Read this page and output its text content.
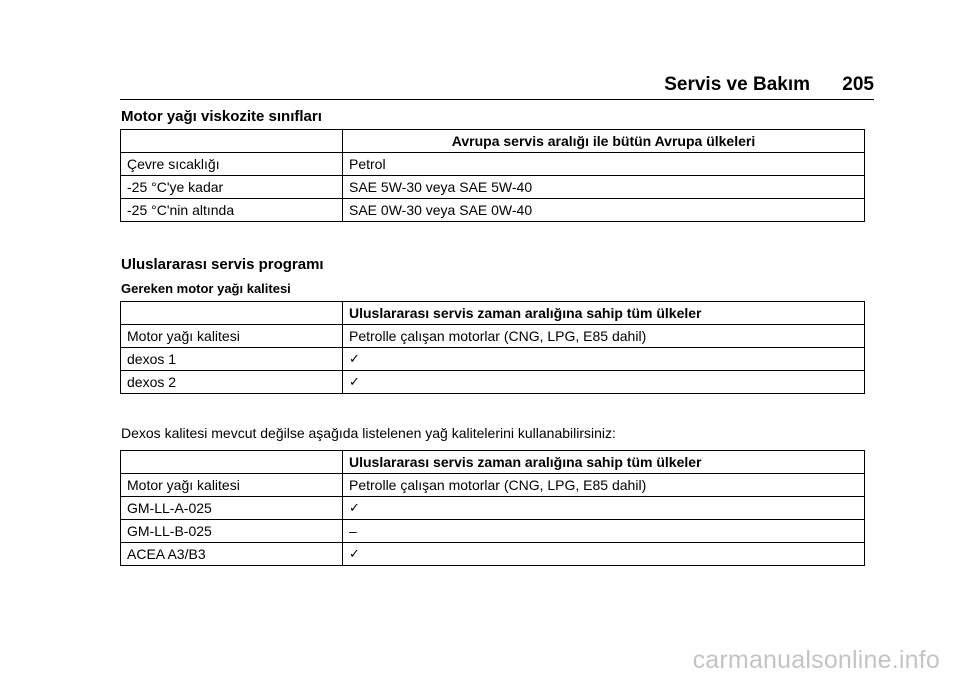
Servis ve Bakım 205
Motor yağı viskozite sınıfları
	Avrupa servis aralığı ile bütün Avrupa ülkeleri
Çevre sıcaklığı	Petrol
-25 °C'ye kadar	SAE 5W-30 veya SAE 5W-40
-25 °C'nin altında	SAE 0W-30 veya SAE 0W-40
Uluslararası servis programı
Gereken motor yağı kalitesi
	Uluslararası servis zaman aralığına sahip tüm ülkeler
Motor yağı kalitesi	Petrolle çalışan motorlar (CNG, LPG, E85 dahil)
dexos 1	✓
dexos 2	✓
Dexos kalitesi mevcut değilse aşağıda listelenen yağ kalitelerini kullanabilirsiniz:
	Uluslararası servis zaman aralığına sahip tüm ülkeler
Motor yağı kalitesi	Petrolle çalışan motorlar (CNG, LPG, E85 dahil)
GM-LL-A-025	✓
GM-LL-B-025	–
ACEA A3/B3	✓
carmanualsonline.info
